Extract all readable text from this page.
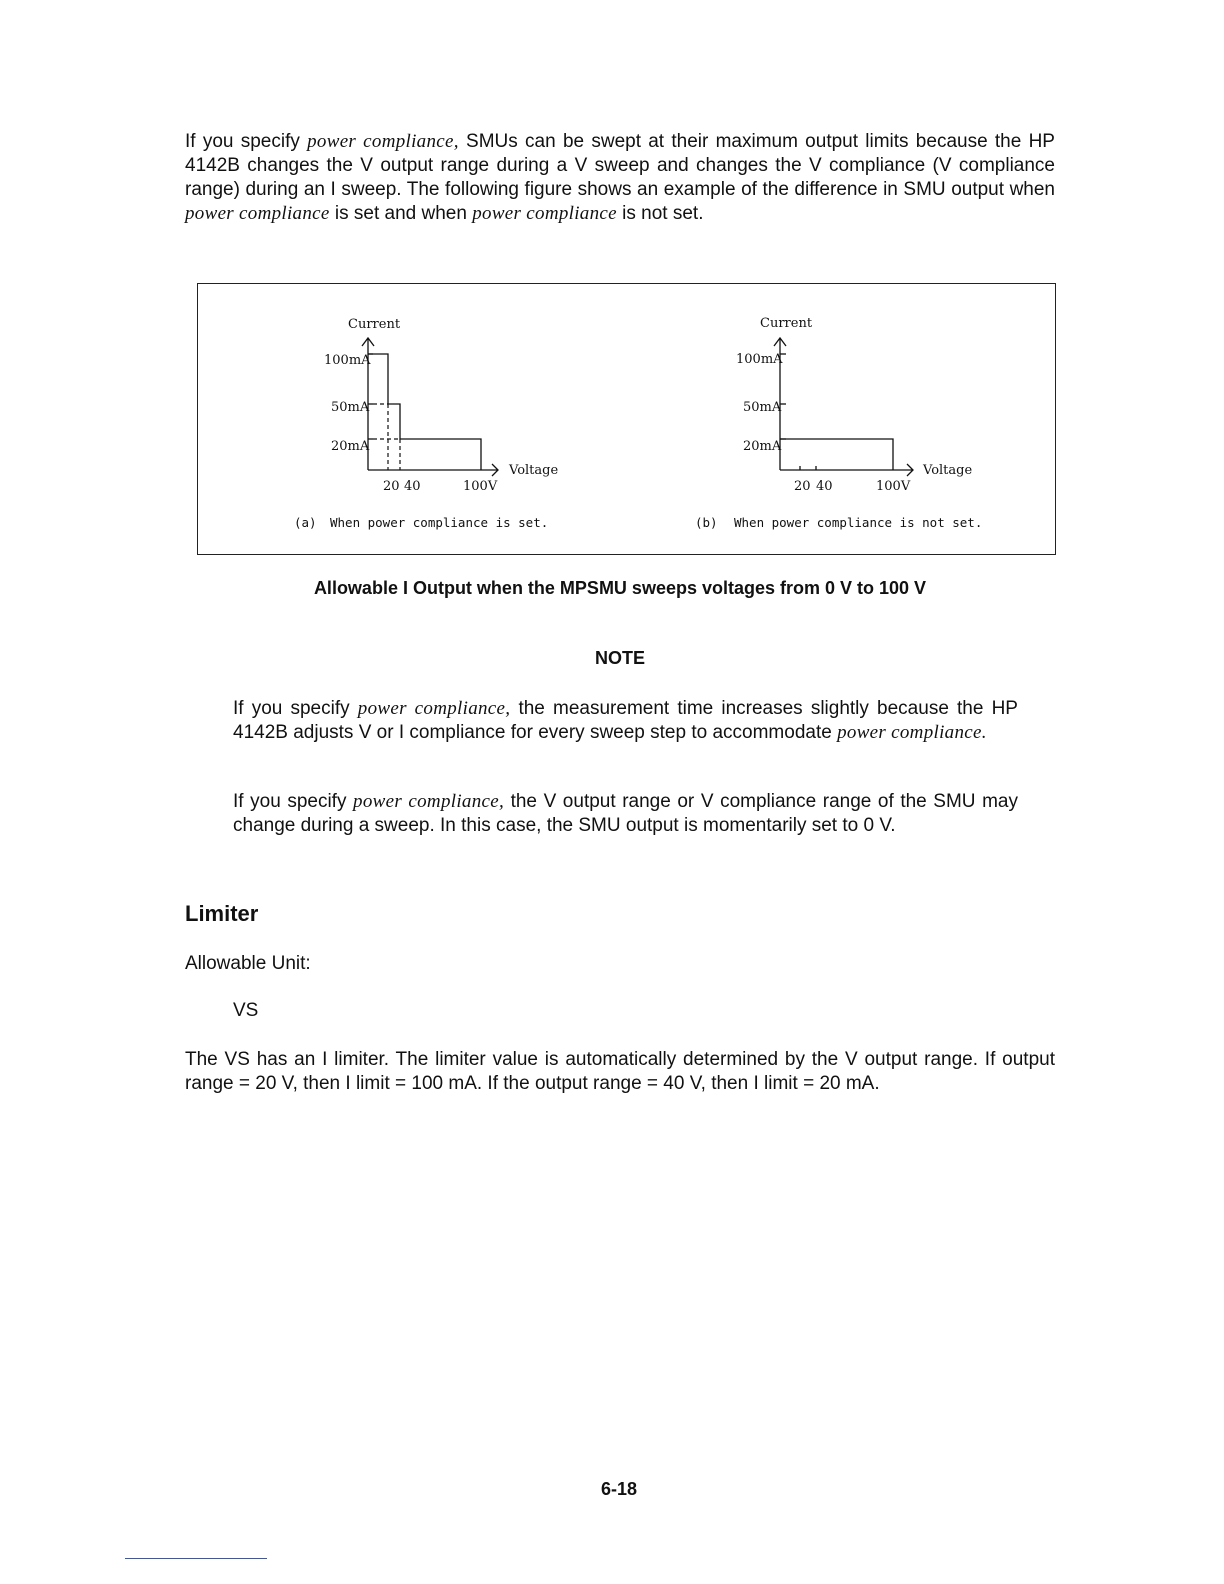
If you specify power compliance, SMUs can be swept at their maximum output limits because the HP 4142B changes the V output range during a V sweep and changes the V compliance (V compliance range) during an I sweep. The following figure shows an example of the difference in SMU output when power compliance is set and when power compliance is not set.

Current
100mA
50mA
20mA
20 40	100V
Voltage
(a) When power compliance is set.
Current
100mA
50mA
20mA
20 40	100V
Voltage
(b) When power compliance is not set.
Allowable I Output when the MPSMU sweeps voltages from 0 V to 100 V
NOTE

If you specify power compliance, the measurement time increases slightly because the HP 4142B adjusts V or I compliance for every sweep step to accommodate power compliance.

If you specify power compliance, the V output range or V compliance range of the SMU may change during a sweep. In this case, the SMU output is momentarily set to 0 V.

Limiter
Allowable Unit:
VS

The VS has an I limiter. The limiter value is automatically determined by the V output range. If output range = 20 V, then I limit = 100 mA. If the output range = 40 V, then I limit = 20 mA.

6-18
